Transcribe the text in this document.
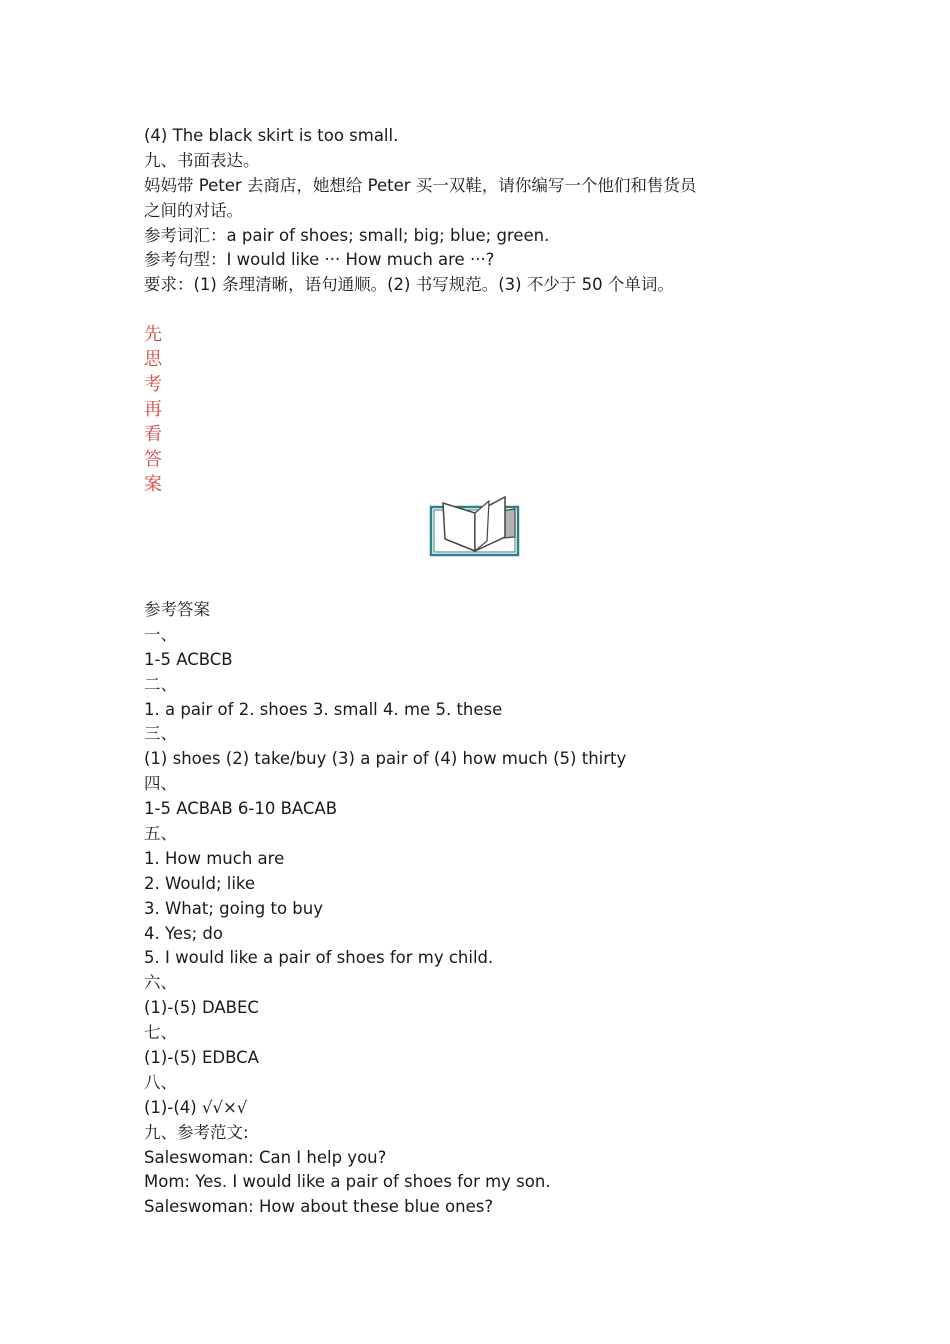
(4) The black skirt is too small.
九、书面表达。
妈妈带 Peter 去商店，她想给 Peter 买一双鞋，请你编写一个他们和售货员
之间的对话。
参考词汇：a pair of shoes; small; big; blue; green.
参考句型：I would like ··· How much are ···?
要求：(1) 条理清晰，语句通顺。(2) 书写规范。(3) 不少于 50 个单词。
先
思
考
再
看
答
案
参考答案
一、
1-5 ACBCB
二、
1. a pair of 2. shoes 3. small 4. me 5. these
三、
(1) shoes (2) take/buy (3) a pair of (4) how much (5) thirty
四、
1-5 ACBAB 6-10 BACAB
五、
1. How much are
2. Would; like
3. What; going to buy
4. Yes; do
5. I would like a pair of shoes for my child.
六、
(1)-(5) DABEC
七、
(1)-(5) EDBCA
八、
(1)-(4) √√×√
九、参考范文:
Saleswoman: Can I help you?
Mom: Yes. I would like a pair of shoes for my son.
Saleswoman: How about these blue ones?
